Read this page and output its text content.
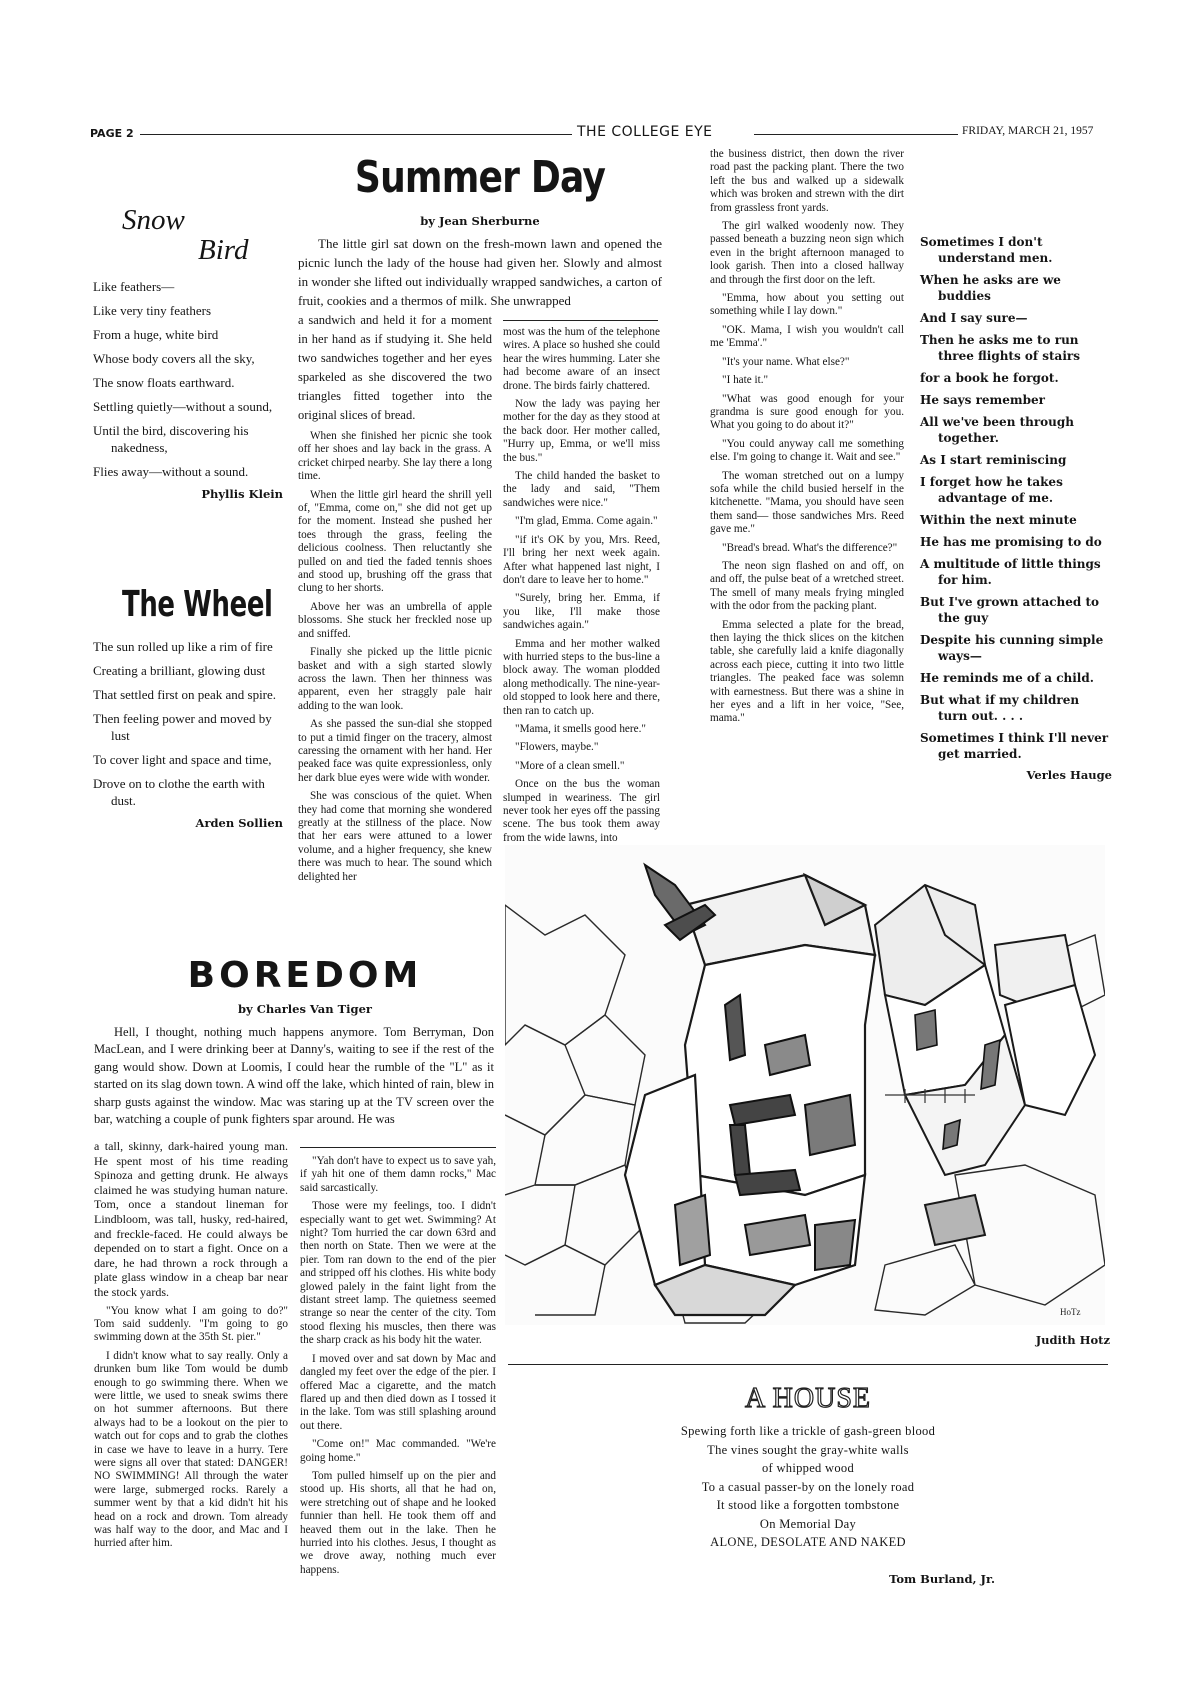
PAGE 2	THE COLLEGE EYE	FRIDAY, MARCH 21, 1957
Snow
Bird

Like feathers—

Like very tiny feathers

From a huge, white bird

Whose body covers all the sky,

The snow floats earthward.

Settling quietly—without a sound,

Until the bird, discovering his nakedness,

Flies away—without a sound.

Phyllis Klein
The Wheel

The sun rolled up like a rim of fire

Creating a brilliant, glowing dust

That settled first on peak and spire.

Then feeling power and moved by lust

To cover light and space and time,

Drove on to clothe the earth with dust.

Arden Sollien
Summer Day
by Jean Sherburne

The little girl sat down on the fresh-mown lawn and opened the picnic lunch the lady of the house had given her. Slowly and almost in wonder she lifted out individually wrapped sandwiches, a carton of fruit, cookies and a thermos of milk. She unwrapped

a sandwich and held it for a moment in her hand as if studying it. She held two sandwiches together and her eyes sparkeled as she discovered the two triangles fitted together into the original slices of bread.

When she finished her picnic she took off her shoes and lay back in the grass. A cricket chirped nearby. She lay there a long time.

When the little girl heard the shrill yell of, "Emma, come on," she did not get up for the moment. Instead she pushed her toes through the grass, feeling the delicious coolness. Then reluctantly she pulled on and tied the faded tennis shoes and stood up, brushing off the grass that clung to her shorts.

Above her was an umbrella of apple blossoms. She stuck her freckled nose up and sniffed.

Finally she picked up the little picnic basket and with a sigh started slowly across the lawn. Then her thinness was apparent, even her straggly pale hair adding to the wan look.

As she passed the sun-dial she stopped to put a timid finger on the tracery, almost caressing the ornament with her hand. Her peaked face was quite expressionless, only her dark blue eyes were wide with wonder.

She was conscious of the quiet. When they had come that morning she wondered greatly at the stillness of the place. Now that her ears were attuned to a lower volume, and a higher frequency, she knew there was much to hear. The sound which delighted her

most was the hum of the telephone wires. A place so hushed she could hear the wires humming. Later she had become aware of an insect drone. The birds fairly chattered.

Now the lady was paying her mother for the day as they stood at the back door. Her mother called, "Hurry up, Emma, or we'll miss the bus."

The child handed the basket to the lady and said, "Them sandwiches were nice."

"I'm glad, Emma. Come again."

"if it's OK by you, Mrs. Reed, I'll bring her next week again. After what happened last night, I don't dare to leave her to home."

"Surely, bring her. Emma, if you like, I'll make those sandwiches again."

Emma and her mother walked with hurried steps to the bus-line a block away. The woman plodded along methodically. The nine-year-old stopped to look here and there, then ran to catch up.

"Mama, it smells good here."

"Flowers, maybe."

"More of a clean smell."

Once on the bus the woman slumped in weariness. The girl never took her eyes off the passing scene. The bus took them away from the wide lawns, into

the business district, then down the river road past the packing plant. There the two left the bus and walked up a sidewalk which was broken and strewn with the dirt from grassless front yards.

The girl walked woodenly now. They passed beneath a buzzing neon sign which even in the bright afternoon managed to look garish. Then into a closed hallway and through the first door on the left.

"Emma, how about you setting out something while I lay down."

"OK. Mama, I wish you wouldn't call me 'Emma'."

"It's your name. What else?"

"I hate it."

"What was good enough for your grandma is sure good enough for you. What you going to do about it?"

"You could anyway call me something else. I'm going to change it. Wait and see."

The woman stretched out on a lumpy sofa while the child busied herself in the kitchenette. "Mama, you should have seen them sand— those sandwiches Mrs. Reed gave me."

"Bread's bread. What's the difference?"

The neon sign flashed on and off, on and off, the pulse beat of a wretched street. The smell of many meals frying mingled with the odor from the packing plant.

Emma selected a plate for the bread, then laying the thick slices on the kitchen table, she carefully laid a knife diagonally across each piece, cutting it into two little triangles. The peaked face was solemn with earnestness. But there was a shine in her eyes and a lift in her voice, "See, mama."

Sometimes I don't understand men.

When he asks are we buddies

And I say sure—

Then he asks me to run three flights of stairs

for a book he forgot.

He says remember

All we've been through together.

As I start reminiscing

I forget how he takes advantage of me.

Within the next minute

He has me promising to do

A multitude of little things for him.

But I've grown attached to the guy

Despite his cunning simple ways—

He reminds me of a child.

But what if my children turn out. . . .

Sometimes I think I'll never get married.

Verles Hauge
BOREDOM
by Charles Van Tiger

Hell, I thought, nothing much happens anymore. Tom Berryman, Don MacLean, and I were drinking beer at Danny's, waiting to see if the rest of the gang would show. Down at Loomis, I could hear the rumble of the "L" as it started on its slag down town. A wind off the lake, which hinted of rain, blew in sharp gusts against the window. Mac was staring up at the TV screen over the bar, watching a couple of punk fighters spar around. He was

a tall, skinny, dark-haired young man. He spent most of his time reading Spinoza and getting drunk. He always claimed he was studying human nature. Tom, once a standout lineman for Lindbloom, was tall, husky, red-haired, and freckle-faced. He could always be depended on to start a fight. Once on a dare, he had thrown a rock through a plate glass window in a cheap bar near the stock yards.

"You know what I am going to do?" Tom said suddenly. "I'm going to go swimming down at the 35th St. pier."

I didn't know what to say really. Only a drunken bum like Tom would be dumb enough to go swimming there. When we were little, we used to sneak swims there on hot summer afternoons. But there always had to be a lookout on the pier to watch out for cops and to grab the clothes in case we have to leave in a hurry. Tere were signs all over that stated: DANGER! NO SWIMMING! All through the water were large, submerged rocks. Rarely a summer went by that a kid didn't hit his head on a rock and drown. Tom already was half way to the door, and Mac and I hurried after him.

"Yah don't have to expect us to save yah, if yah hit one of them damn rocks," Mac said sarcastically.

Those were my feelings, too. I didn't especially want to get wet. Swimming? At night? Tom hurried the car down 63rd and then north on State. Then we were at the pier. Tom ran down to the end of the pier and stripped off his clothes. His white body glowed palely in the faint light from the distant street lamp. The quietness seemed strange so near the center of the city. Tom stood flexing his muscles, then there was the sharp crack as his body hit the water.

I moved over and sat down by Mac and dangled my feet over the edge of the pier. I offered Mac a cigarette, and the match flared up and then died down as I tossed it in the lake. Tom was still splashing around out there.

"Come on!" Mac commanded. "We're going home."

Tom pulled himself up on the pier and stood up. His shorts, all that he had on, were stretching out of shape and he looked funnier than hell. He took them off and heaved them out in the lake. Then he hurried into his clothes. Jesus, I thought as we drove away, nothing much ever happens.

HoTz
Judith Hotz
A HOUSE

Spewing forth like a trickle of gash-green blood

The vines sought the gray-white walls

of whipped wood

To a casual passer-by on the lonely road

It stood like a forgotten tombstone

On Memorial Day

ALONE, DESOLATE AND NAKED

Tom Burland, Jr.
